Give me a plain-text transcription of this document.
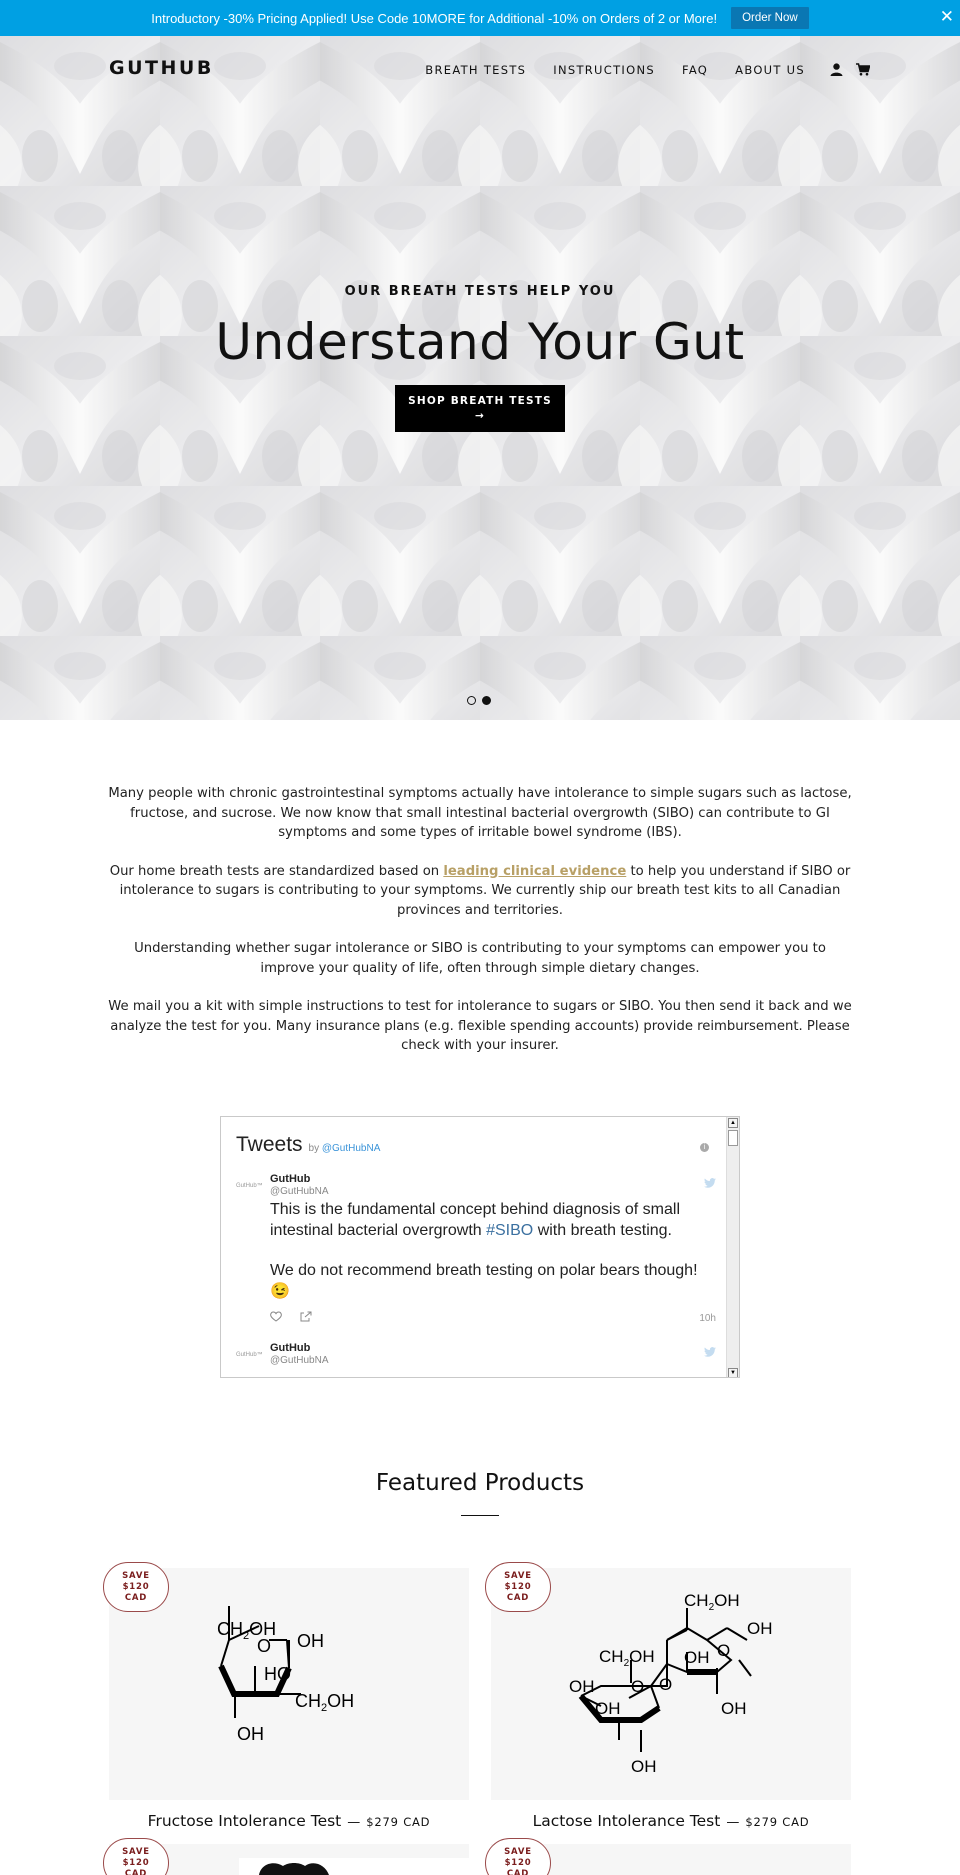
Introductory -30% Pricing Applied! Use Code 10MORE for Additional -10% on Orders of 2 or More!	Order Now	✕
GUTHUB	BREATH TESTS INSTRUCTIONS FAQ ABOUT US
OUR BREATH TESTS HELP YOU
Understand Your Gut
SHOP BREATH TESTS
→

Many people with chronic gastrointestinal symptoms actually have intolerance to simple sugars such as lactose, fructose, and sucrose. We now know that small intestinal bacterial overgrowth (SIBO) can contribute to GI symptoms and some types of irritable bowel syndrome (IBS).

Our home breath tests are standardized based on leading clinical evidence to help you understand if SIBO or intolerance to sugars is contributing to your symptoms. We currently ship our breath test kits to all Canadian provinces and territories.

Understanding whether sugar intolerance or SIBO is contributing to your symptoms can empower you to improve your quality of life, often through simple dietary changes.

We mail you a kit with simple instructions to test for intolerance to sugars or SIBO. You then send it back and we analyze the test for you. Many insurance plans (e.g. flexible spending accounts) provide reimbursement. Please check with your insurer.

Tweets by @GutHubNA	i
GutHub™
GutHub
@GutHubNA
This is the fundamental concept behind diagnosis of small intestinal bacterial overgrowth #SIBO with breath testing.
We do not recommend breath testing on polar bears though! 😉
10h
GutHub™
GutHub
@GutHubNA
▲
▼
Featured Products
$CH_2OH$
OH
O
HO
$CH_2OH$
OH
SAVE
$120
CAD
Fructose Intolerance Test — $279 CAD
$CH_2OH$
OH
OH
$CH_2OH$	O
O
O
OH
OH	OH
OH
SAVE
$120
CAD
Lactose Intolerance Test — $279 CAD
SAVE
$120
CAD
SAVE
$120
CAD
